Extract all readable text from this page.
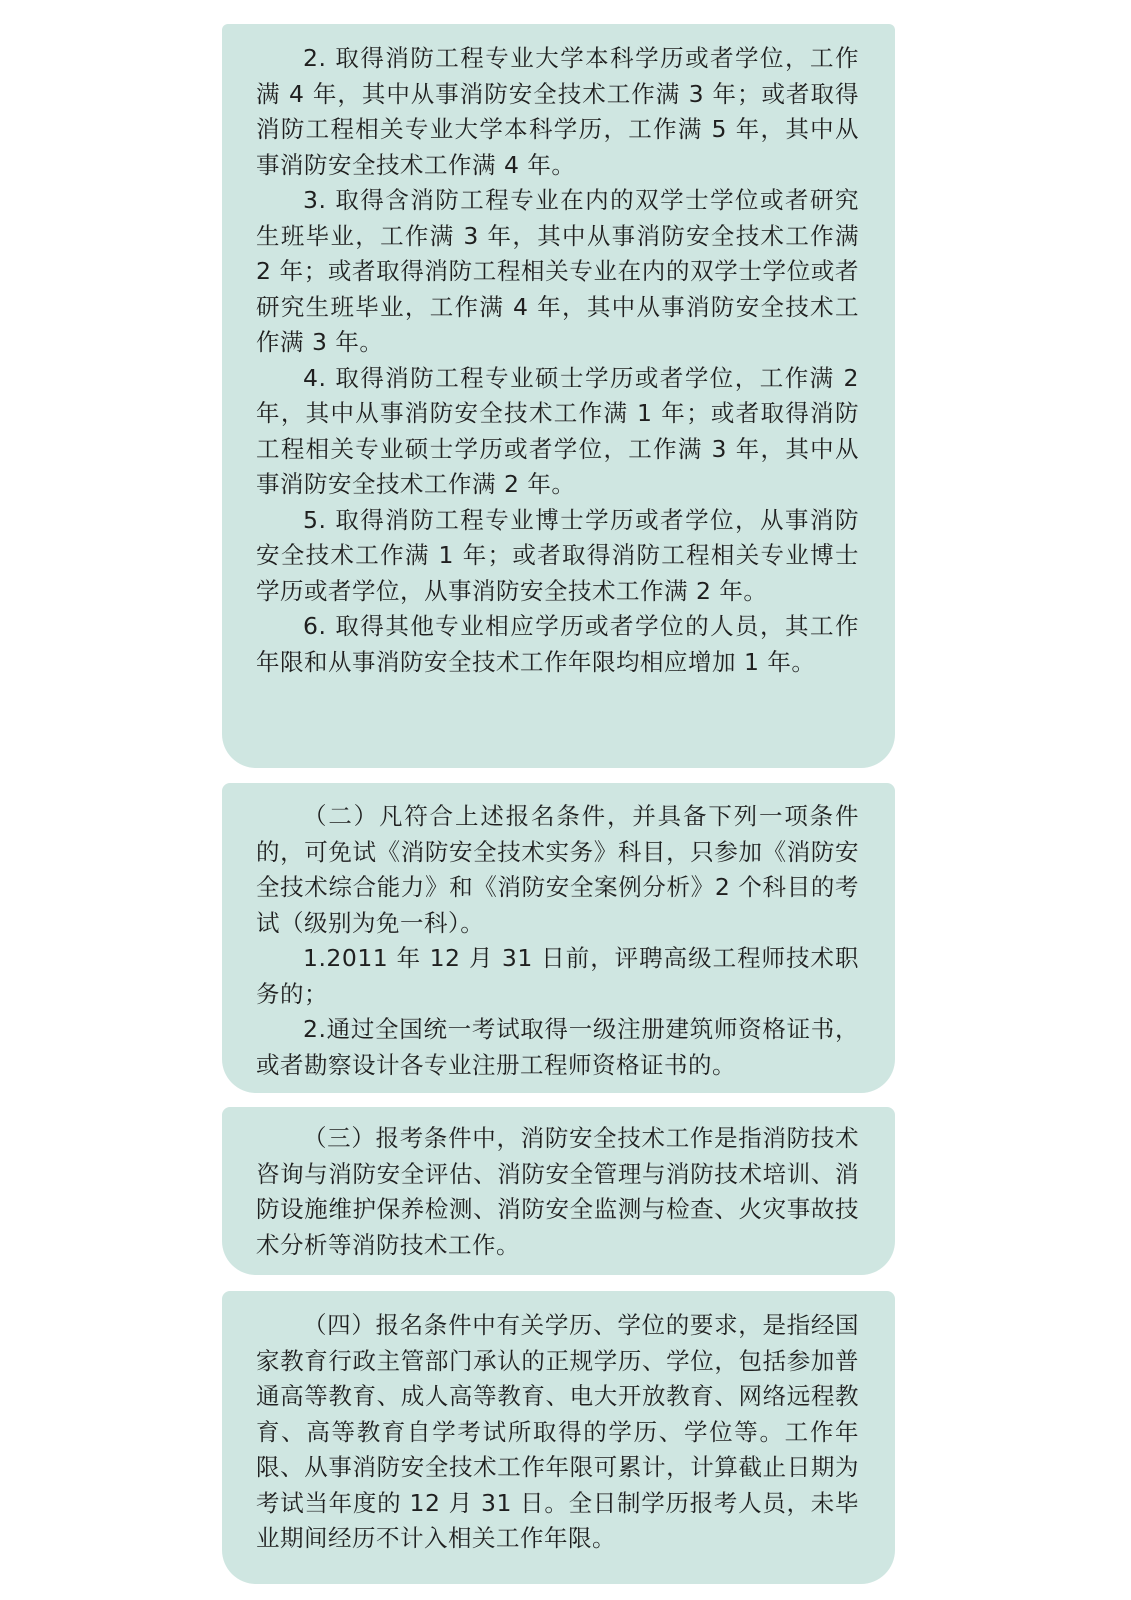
2. 取得消防工程专业大学本科学历或者学位，工作满 4 年，其中从事消防安全技术工作满 3 年；或者取得消防工程相关专业大学本科学历，工作满 5 年，其中从事消防安全技术工作满 4 年。

3. 取得含消防工程专业在内的双学士学位或者研究生班毕业，工作满 3 年，其中从事消防安全技术工作满 2 年；或者取得消防工程相关专业在内的双学士学位或者研究生班毕业，工作满 4 年，其中从事消防安全技术工作满 3 年。

4. 取得消防工程专业硕士学历或者学位，工作满 2 年，其中从事消防安全技术工作满 1 年；或者取得消防工程相关专业硕士学历或者学位，工作满 3 年，其中从事消防安全技术工作满 2 年。

5. 取得消防工程专业博士学历或者学位，从事消防安全技术工作满 1 年；或者取得消防工程相关专业博士学历或者学位，从事消防安全技术工作满 2 年。

6. 取得其他专业相应学历或者学位的人员，其工作年限和从事消防安全技术工作年限均相应增加 1 年。

（二）凡符合上述报名条件，并具备下列一项条件的，可免试《消防安全技术实务》科目，只参加《消防安全技术综合能力》和《消防安全案例分析》2 个科目的考试（级别为免一科）。

1.2011 年 12 月 31 日前，评聘高级工程师技术职务的；

2.通过全国统一考试取得一级注册建筑师资格证书，或者勘察设计各专业注册工程师资格证书的。

（三）报考条件中，消防安全技术工作是指消防技术咨询与消防安全评估、消防安全管理与消防技术培训、消防设施维护保养检测、消防安全监测与检查、火灾事故技术分析等消防技术工作。

（四）报名条件中有关学历、学位的要求，是指经国家教育行政主管部门承认的正规学历、学位，包括参加普通高等教育、成人高等教育、电大开放教育、网络远程教育、高等教育自学考试所取得的学历、学位等。工作年限、从事消防安全技术工作年限可累计，计算截止日期为考试当年度的 12 月 31 日。全日制学历报考人员，未毕业期间经历不计入相关工作年限。
